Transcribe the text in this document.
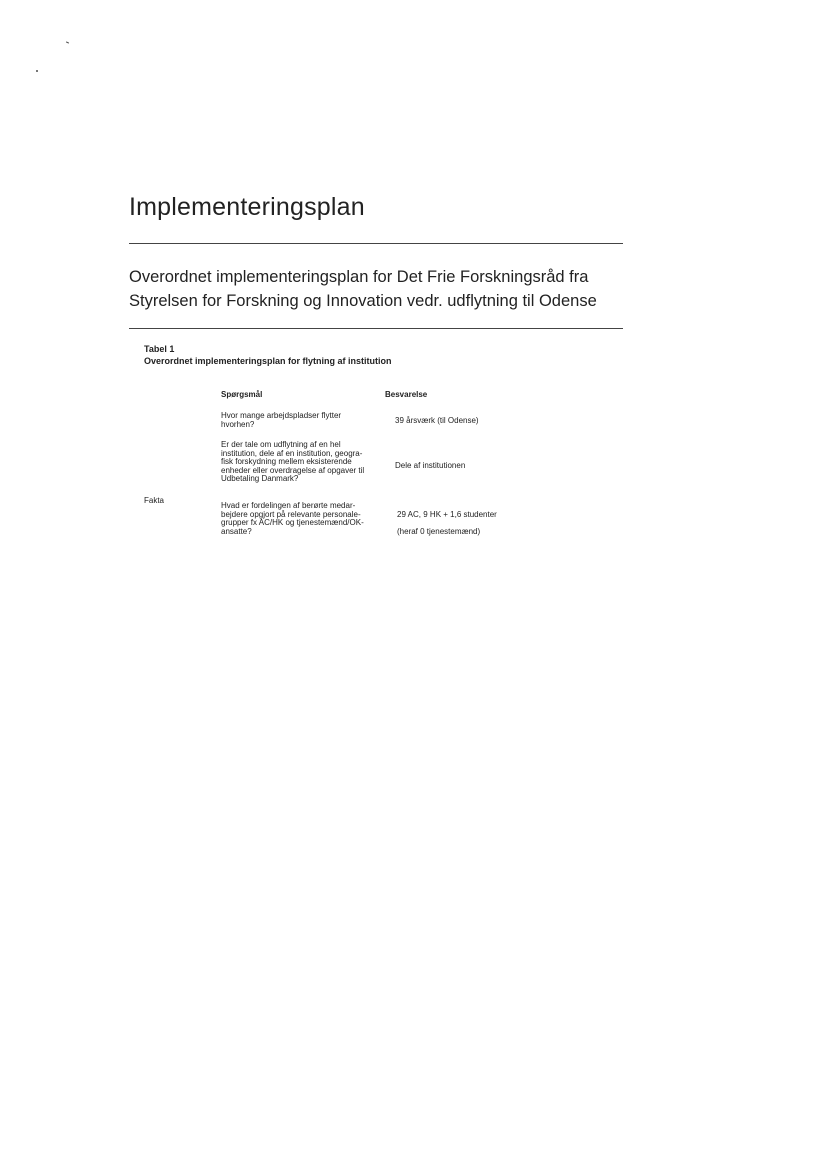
Implementeringsplan

Overordnet implementeringsplan for Det Frie Forskningsråd fra
Styrelsen for Forskning og Innovation vedr. udflytning til Odense

Tabel 1
Overordnet implementeringsplan for flytning af institution
Spørgsmål	Besvarelse
Hvor mange arbejdspladser flytter
hvorhen?	39 årsværk (til Odense)
Er der tale om udflytning af en hel
institution, dele af en institution, geogra-
fisk forskydning mellem eksisterende
enheder eller overdragelse af opgaver til
Udbetaling Danmark?
Dele af institutionen
Fakta
Hvad er fordelingen af berørte medar-
bejdere opgjort på relevante personale-
grupper fx AC/HK og tjenestemænd/OK-
ansatte?
29 AC, 9 HK + 1,6 studenter
(heraf 0 tjenestemænd)
